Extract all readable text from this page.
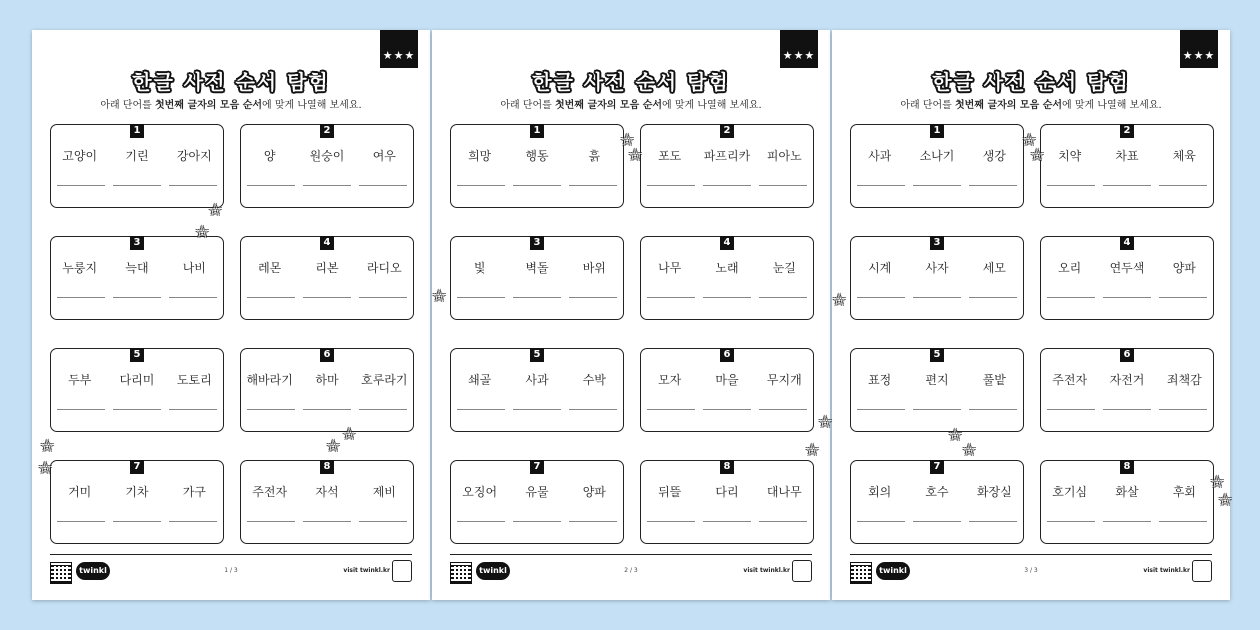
★★★
한글 사전 순서 탐험
아래 단어를 첫번째 글자의 모음 순서에 맞게 나열해 보세요.
1
고양이	기린	강아지
2
양	원숭이	여우
3
누룽지	늑대	나비
4
레몬	리본	라디오
5
두부	다리미	도토리
6
해바라기	하마	호루라기
7
거미	기차	가구
8
주전자	자석	제비
twinkl	1 / 3	visit twinkl.kr
★★★
한글 사전 순서 탐험
아래 단어를 첫번째 글자의 모음 순서에 맞게 나열해 보세요.
1
희망	행동	흙
2
포도	파프리카	피아노
3
빛	벽돌	바위
4
나무	노래	눈길
5
쇄골	사과	수박
6
모자	마을	무지개
7
오징어	유물	양파
8
뒤뜰	다리	대나무
twinkl	2 / 3	visit twinkl.kr
★★★
한글 사전 순서 탐험
아래 단어를 첫번째 글자의 모음 순서에 맞게 나열해 보세요.
1
사과	소나기	생강
2
치약	차표	체육
3
시계	사자	세모
4
오리	연두색	양파
5
표정	편지	풀밭
6
주전자	자전거	죄책감
7
회의	호수	화장실
8
호기심	화살	후회
twinkl	3 / 3	visit twinkl.kr
☆
☆
☆
☆
☆
☆
☆
☆
☆
☆
☆
☆
☆
☆
☆
☆
☆
☆
